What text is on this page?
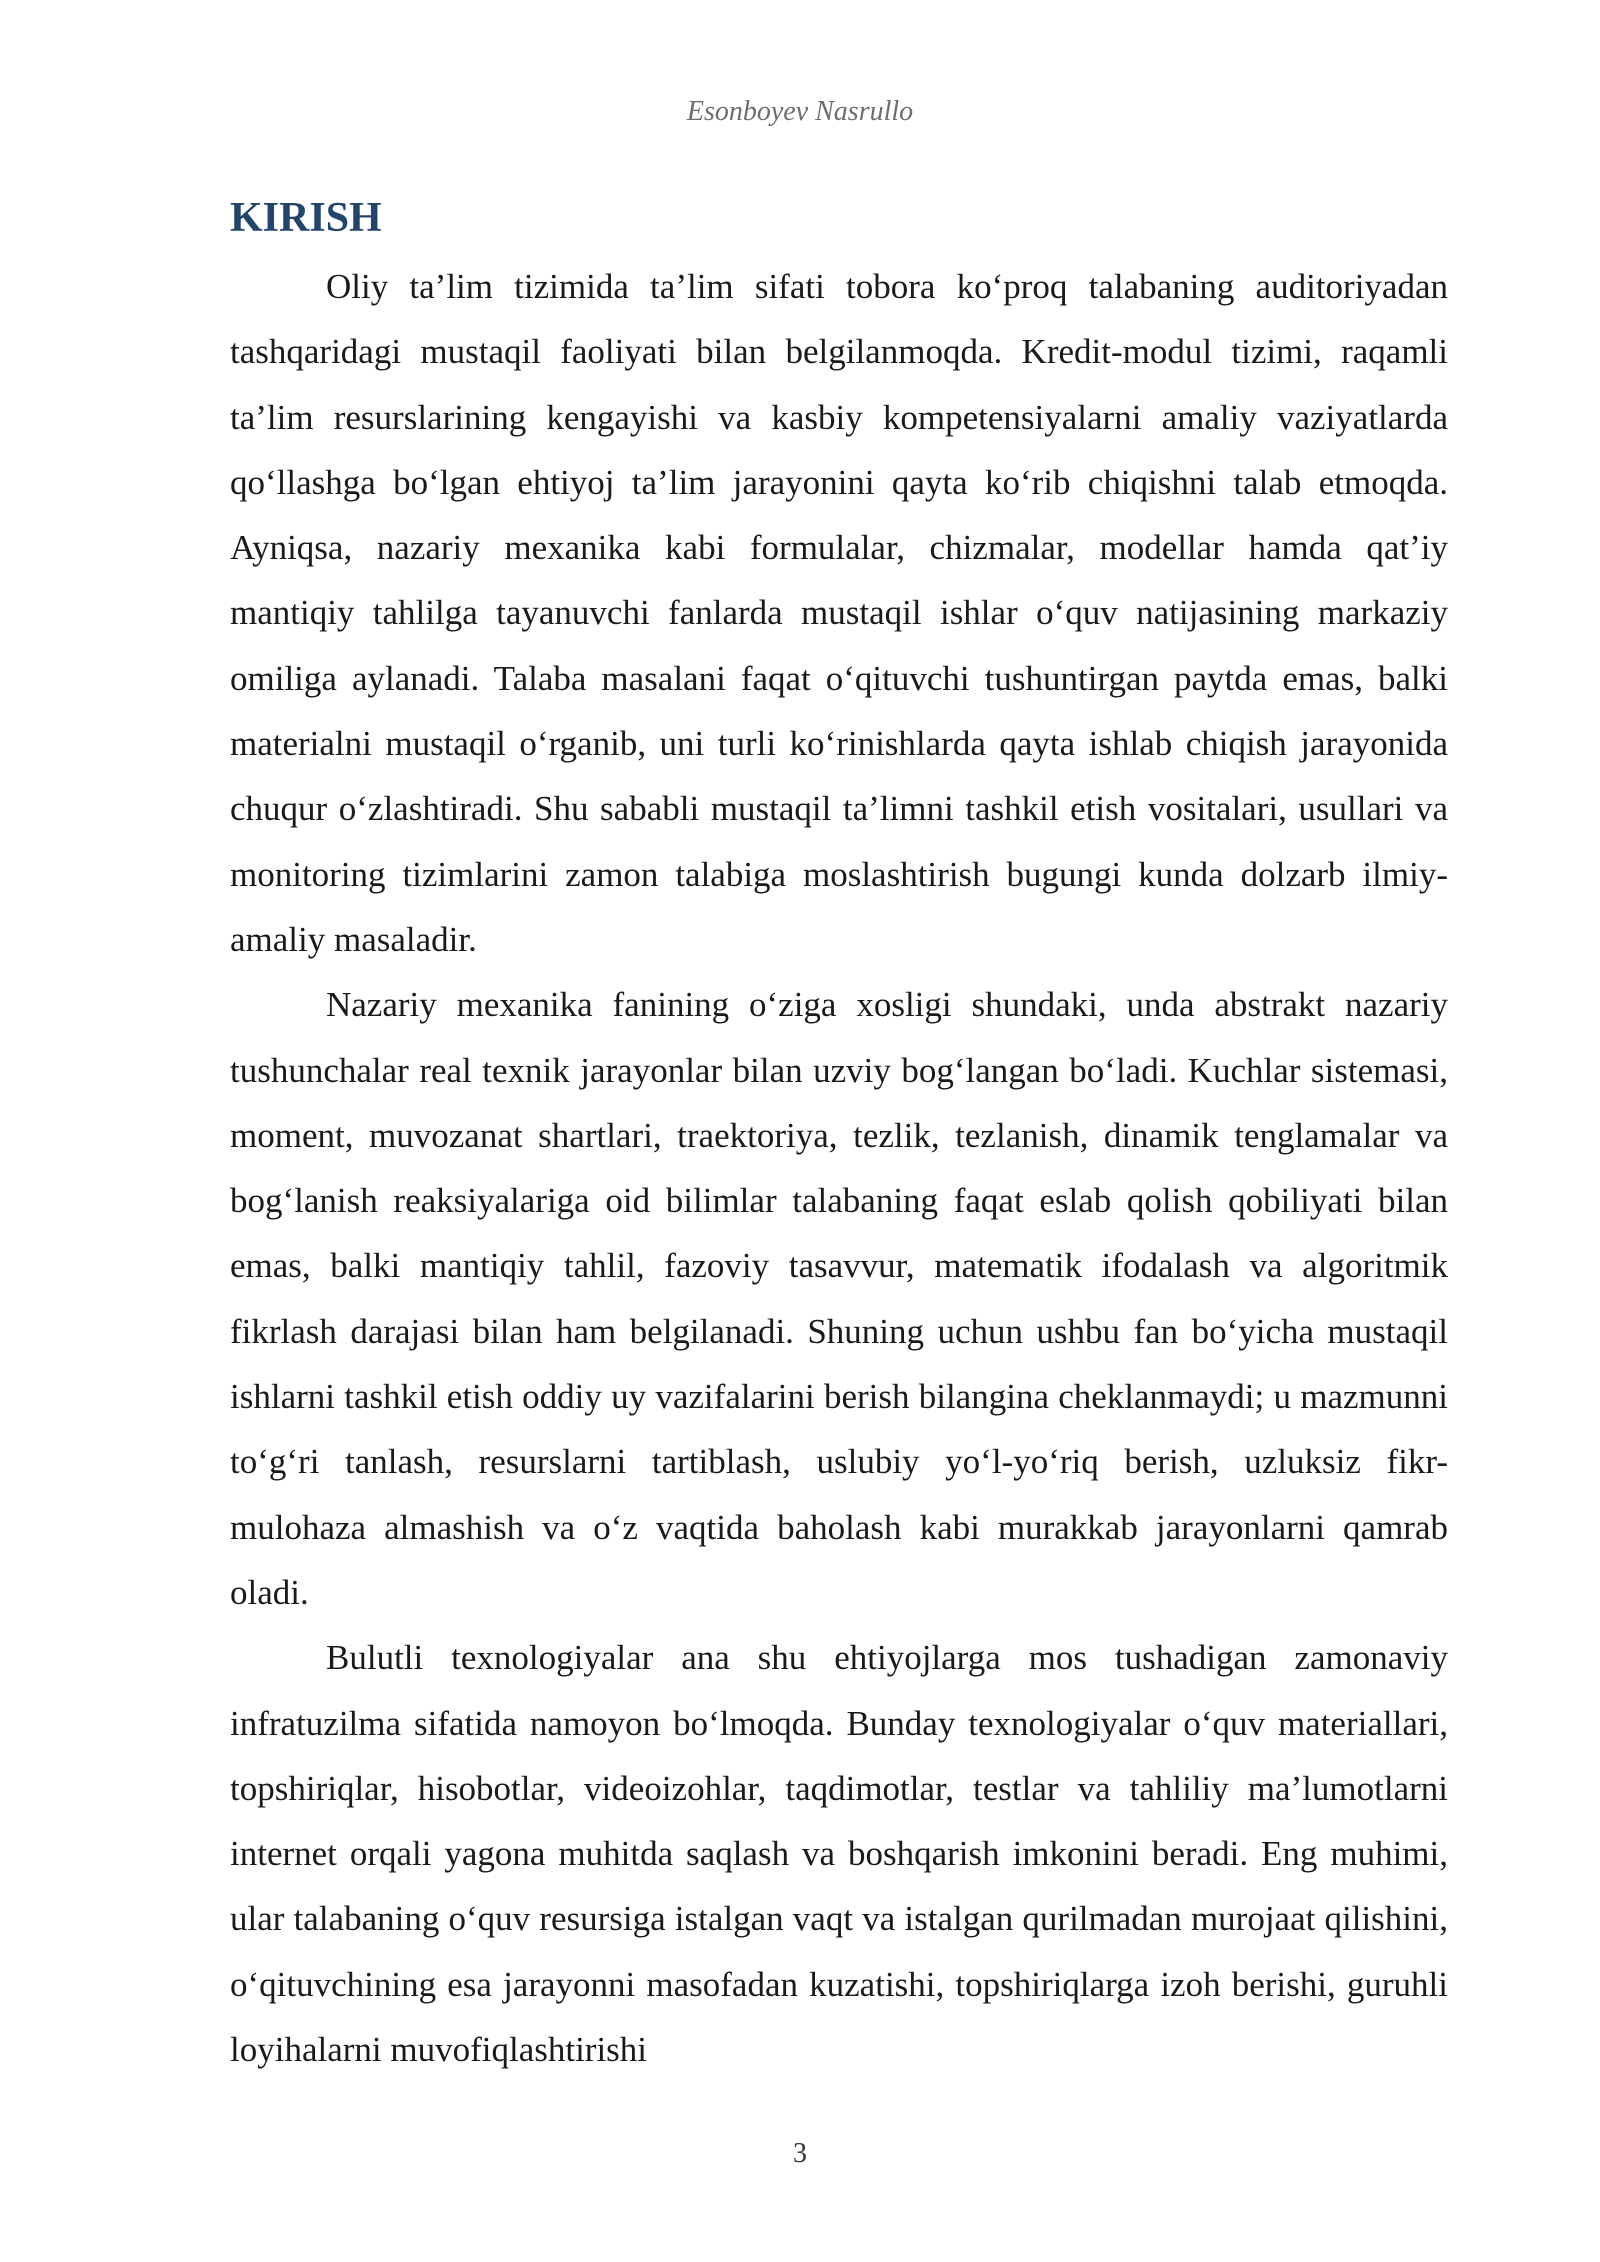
Esonboyev Nasrullo
KIRISH

Oliy ta’lim tizimida ta’lim sifati tobora ko‘proq talabaning auditoriyadan tashqaridagi mustaqil faoliyati bilan belgilanmoqda. Kredit-modul tizimi, raqamli ta’lim resurslarining kengayishi va kasbiy kompetensiyalarni amaliy vaziyatlarda qo‘llashga bo‘lgan ehtiyoj ta’lim jarayonini qayta ko‘rib chiqishni talab etmoqda. Ayniqsa, nazariy mexanika kabi formulalar, chizmalar, modellar hamda qat’iy mantiqiy tahlilga tayanuvchi fanlarda mustaqil ishlar o‘quv natijasining markaziy omiliga aylanadi. Talaba masalani faqat o‘qituvchi tushuntirgan paytda emas, balki materialni mustaqil o‘rganib, uni turli ko‘rinishlarda qayta ishlab chiqish jarayonida chuqur o‘zlashtiradi. Shu sababli mustaqil ta’limni tashkil etish vositalari, usullari va monitoring tizimlarini zamon talabiga moslashtirish bugungi kunda dolzarb ilmiy-amaliy masaladir.

Nazariy mexanika fanining o‘ziga xosligi shundaki, unda abstrakt nazariy tushunchalar real texnik jarayonlar bilan uzviy bog‘langan bo‘ladi. Kuchlar sistemasi, moment, muvozanat shartlari, traektoriya, tezlik, tezlanish, dinamik tenglamalar va bog‘lanish reaksiyalariga oid bilimlar talabaning faqat eslab qolish qobiliyati bilan emas, balki mantiqiy tahlil, fazoviy tasavvur, matematik ifodalash va algoritmik fikrlash darajasi bilan ham belgilanadi. Shuning uchun ushbu fan bo‘yicha mustaqil ishlarni tashkil etish oddiy uy vazifalarini berish bilangina cheklanmaydi; u mazmunni to‘g‘ri tanlash, resurslarni tartiblash, uslubiy yo‘l-yo‘riq berish, uzluksiz fikr-mulohaza almashish va o‘z vaqtida baholash kabi murakkab jarayonlarni qamrab oladi.

Bulutli texnologiyalar ana shu ehtiyojlarga mos tushadigan zamonaviy infratuzilma sifatida namoyon bo‘lmoqda. Bunday texnologiyalar o‘quv materiallari, topshiriqlar, hisobotlar, videoizohlar, taqdimotlar, testlar va tahliliy ma’lumotlarni internet orqali yagona muhitda saqlash va boshqarish imkonini beradi. Eng muhimi, ular talabaning o‘quv resursiga istalgan vaqt va istalgan qurilmadan murojaat qilishini, o‘qituvchining esa jarayonni masofadan kuzatishi, topshiriqlarga izoh berishi, guruhli loyihalarni muvofiqlashtirishi

3
